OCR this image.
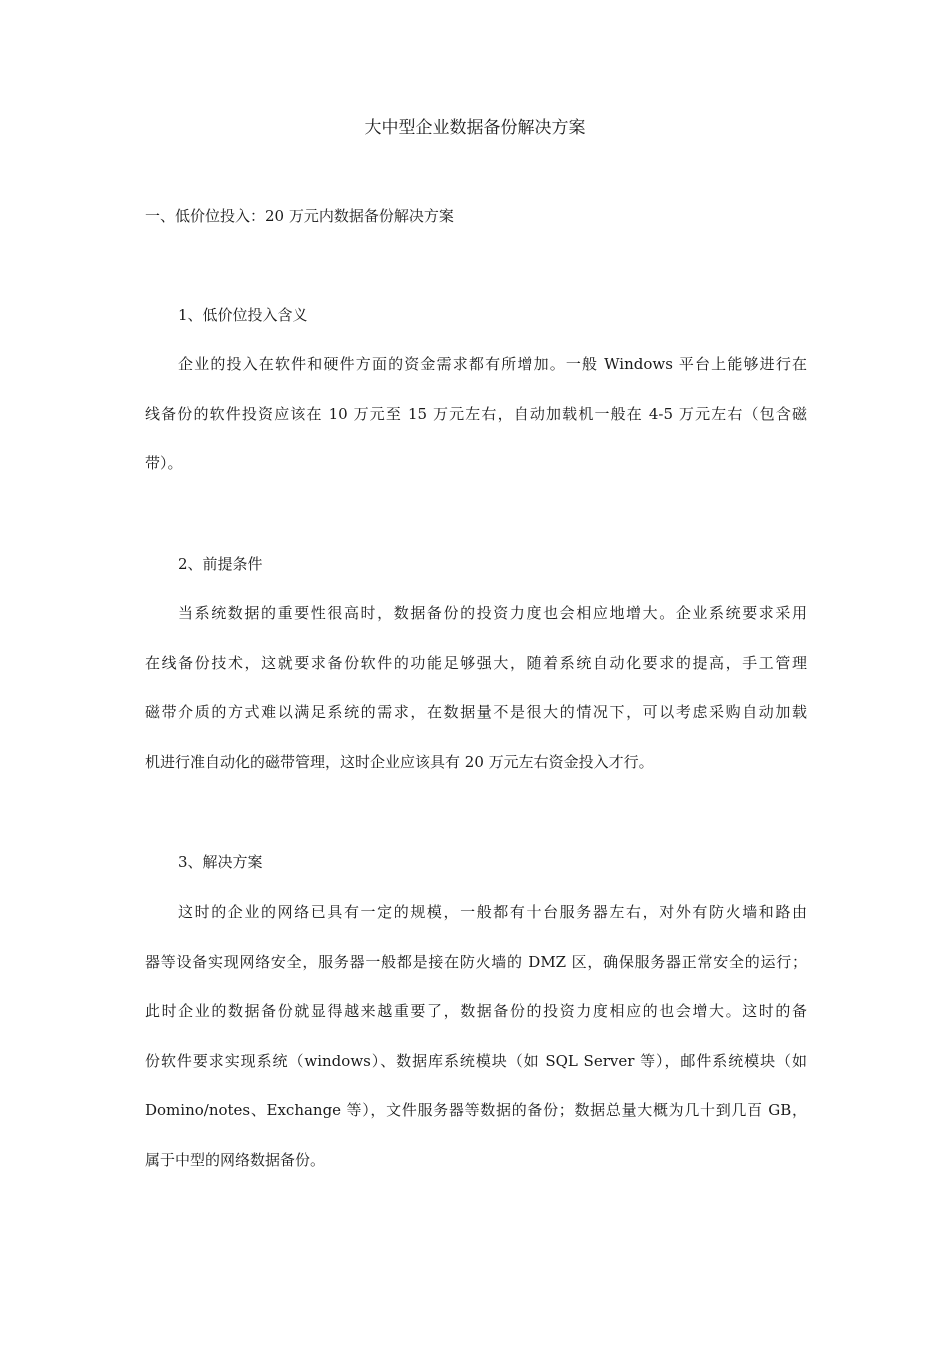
大中型企业数据备份解决方案
一、低价位投入：20 万元内数据备份解决方案
1、低价位投入含义
企业的投入在软件和硬件方面的资金需求都有所增加。一般 Windows 平台上能够进行在
线备份的软件投资应该在 10 万元至 15 万元左右，自动加载机一般在 4-5 万元左右（包含磁
带）。
2、前提条件
当系统数据的重要性很高时，数据备份的投资力度也会相应地增大。企业系统要求采用
在线备份技术，这就要求备份软件的功能足够强大，随着系统自动化要求的提高，手工管理
磁带介质的方式难以满足系统的需求，在数据量不是很大的情况下，可以考虑采购自动加载
机进行准自动化的磁带管理，这时企业应该具有 20 万元左右资金投入才行。
3、解决方案
这时的企业的网络已具有一定的规模，一般都有十台服务器左右，对外有防火墙和路由
器等设备实现网络安全，服务器一般都是接在防火墙的 DMZ 区，确保服务器正常安全的运行；
此时企业的数据备份就显得越来越重要了，数据备份的投资力度相应的也会增大。这时的备
份软件要求实现系统（windows）、数据库系统模块（如 SQL Server 等），邮件系统模块（如
Domino/notes、Exchange 等），文件服务器等数据的备份；数据总量大概为几十到几百 GB，
属于中型的网络数据备份。
